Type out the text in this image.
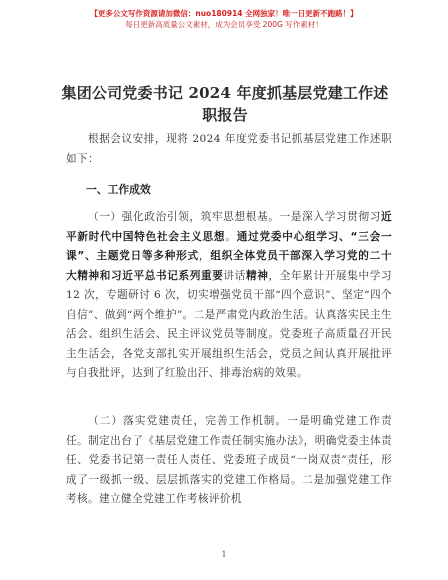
【更多公文写作资源请加微信：nuo180914 全网独家！唯一日更新不跑路！】
每日更新高质量公文素材，成为会员享受 200G 写作素材！
集团公司党委书记 2024 年度抓基层党建工作述
职报告
根据会议安排，现将 2024 年度党委书记抓基层党建工作述职如下：
一、工作成效
（一）强化政治引领，筑牢思想根基。一是深入学习贯彻习近平新时代中国特色社会主义思想。通过党委中心组学习、“三会一课”、主题党日等多种形式，组织全体党员干部深入学习党的二十大精神和习近平总书记系列重要讲话精神，全年累计开展集中学习 12 次，专题研讨 6 次，切实增强党员干部“四个意识”、坚定“四个自信”、做到“两个维护”。二是严肃党内政治生活。认真落实民主生活会、组织生活会、民主评议党员等制度。党委班子高质量召开民主生活会，各党支部扎实开展组织生活会，党员之间认真开展批评与自我批评，达到了红脸出汗、排毒治病的效果。
（二）落实党建责任，完善工作机制。一是明确党建工作责任。制定出台了《基层党建工作责任制实施办法》，明确党委主体责任、党委书记第一责任人责任、党委班子成员“一岗双责”责任，形成了一级抓一级、层层抓落实的党建工作格局。二是加强党建工作考核。建立健全党建工作考核评价机
1
